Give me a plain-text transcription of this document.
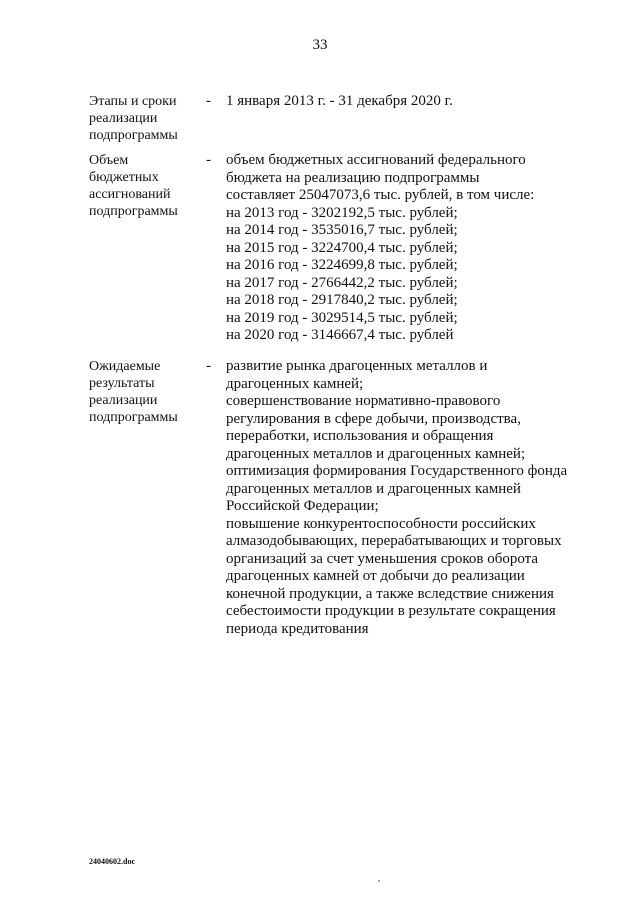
33
Этапы и сроки
реализации
подпрограммы
- 1 января 2013 г. - 31 декабря 2020 г.
Объем
бюджетных
ассигнований
подпрограммы
- объем бюджетных ассигнований федерального
бюджета на реализацию подпрограммы
составляет 25047073,6 тыс. рублей, в том числе:
на 2013 год - 3202192,5 тыс. рублей;
на 2014 год - 3535016,7 тыс. рублей;
на 2015 год - 3224700,4 тыс. рублей;
на 2016 год - 3224699,8 тыс. рублей;
на 2017 год - 2766442,2 тыс. рублей;
на 2018 год - 2917840,2 тыс. рублей;
на 2019 год - 3029514,5 тыс. рублей;
на 2020 год - 3146667,4 тыс. рублей
Ожидаемые
результаты
реализации
подпрограммы
- развитие рынка драгоценных металлов и
драгоценных камней;
совершенствование нормативно-правового
регулирования в сфере добычи, производства,
переработки, использования и обращения
драгоценных металлов и драгоценных камней;
оптимизация формирования Государственного фонда
драгоценных металлов и драгоценных камней
Российской Федерации;
повышение конкурентоспособности российских
алмазодобывающих, перерабатывающих и торговых
организаций за счет уменьшения сроков оборота
драгоценных камней от добычи до реализации
конечной продукции, а также вследствие снижения
себестоимости продукции в результате сокращения
периода кредитования
24040602.doc
